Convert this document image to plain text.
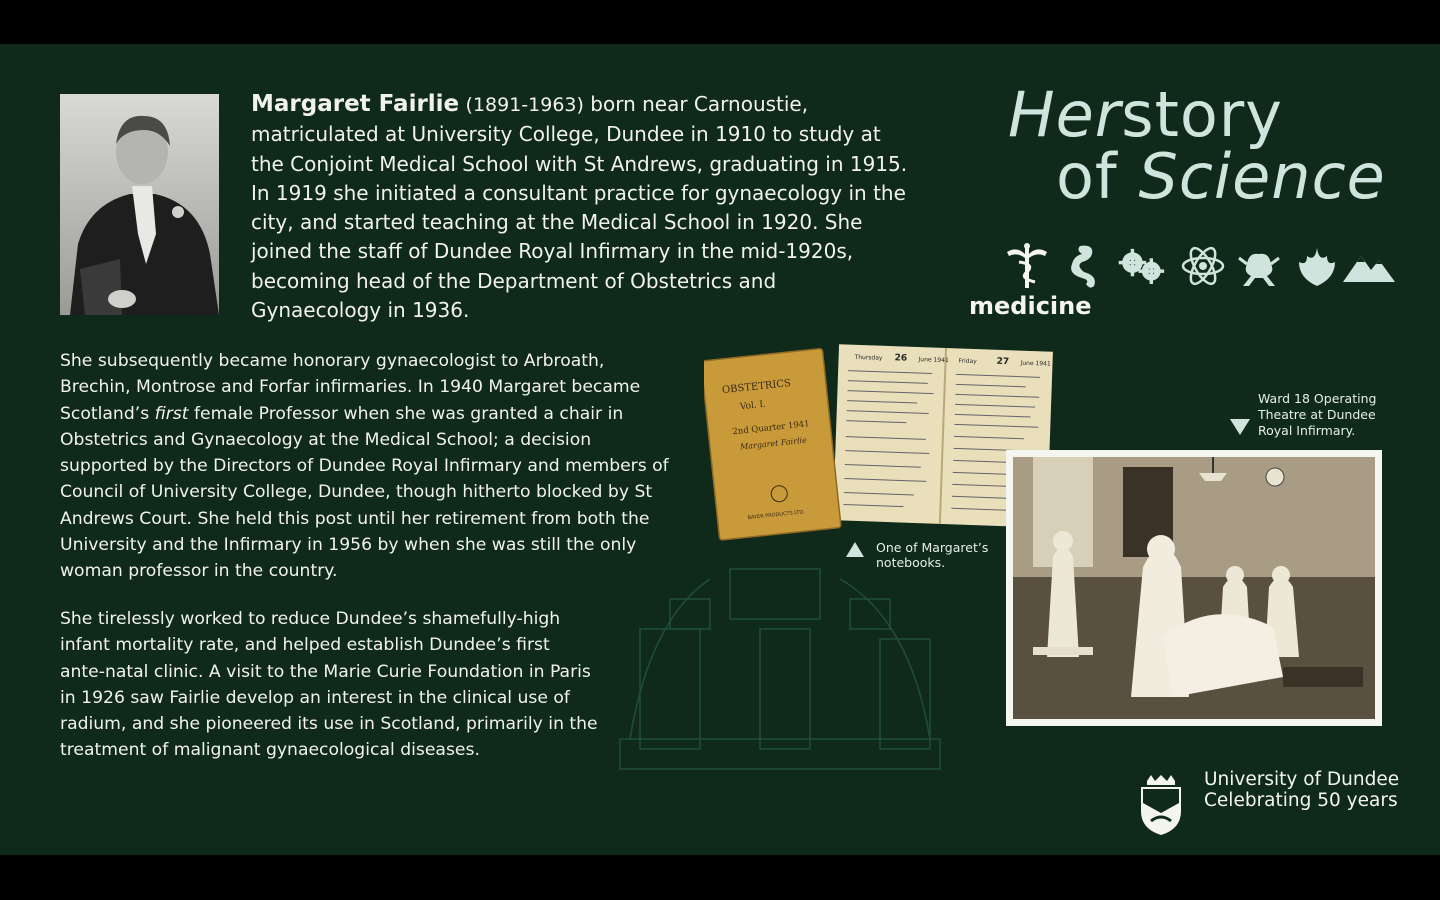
Margaret Fairlie (1891-1963) born near Carnoustie, matriculated at University College, Dundee in 1910 to study at the Conjoint Medical School with St Andrews, graduating in 1915. In 1919 she initiated a consultant practice for gynaecology in the city, and started teaching at the Medical School in 1920. She joined the staff of Dundee Royal Infirmary in the mid-1920s, becoming head of the Department of Obstetrics and Gynaecology in 1936.
She subsequently became honorary gynaecologist to Arbroath, Brechin, Montrose and Forfar infirmaries. In 1940 Margaret became Scotland’s first female Professor when she was granted a chair in Obstetrics and Gynaecology at the Medical School; a decision supported by the Directors of Dundee Royal Infirmary and members of Council of University College, Dundee, though hitherto blocked by St Andrews Court. She held this post until her retirement from both the University and the Infirmary in 1956 by when she was still the only woman professor in the country.
She tirelessly worked to reduce Dundee’s shamefully-high infant mortality rate, and helped establish Dundee’s first ante-natal clinic. A visit to the Marie Curie Foundation in Paris in 1926 saw Fairlie develop an interest in the clinical use of radium, and she pioneered its use in Scotland, primarily in the treatment of malignant gynaecological diseases.
Herstory
of Science
medicine
Thursday 26 June 1941 Friday 27 June 1941
OBSTETRICS
Vol. I.
2nd Quarter 1941
Margaret Fairlie
BAYER PRODUCTS LTD.
One of Margaret’s notebooks.
Ward 18 Operating Theatre at Dundee Royal Infirmary.
University of Dundee
Celebrating 50 years
